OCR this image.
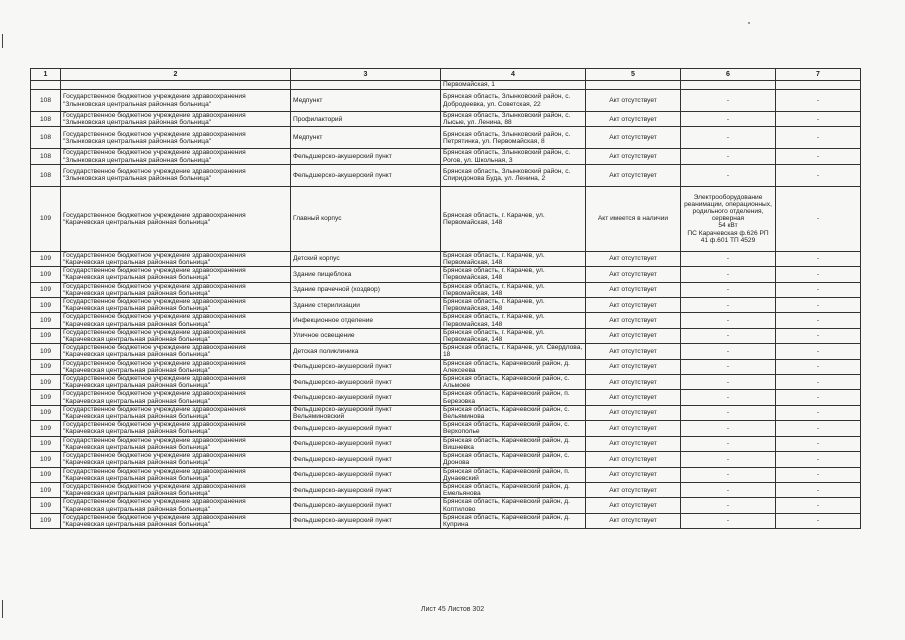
1	2	3	4	5	6	7
			Первомайская, 1			
108	Государственное бюджетное учреждение здравоохранения "Злынковская центральная районная больница"	Медпункт	Брянская область, Злынковский район, с. Добродеевка, ул. Советская, 22	Акт отсутствует	-	-
108	Государственное бюджетное учреждение здравоохранения "Злынковская центральная районная больница"	Профилакторий	Брянская область, Злынковский район, с. Лысые, ул. Ленина, 88	Акт отсутствует	-	-
108	Государственное бюджетное учреждение здравоохранения "Злынковская центральная районная больница"	Медпункт	Брянская область, Злынковский район, с. Петрятинка, ул. Первомайская, 8	Акт отсутствует	-	-
108	Государственное бюджетное учреждение здравоохранения "Злынковская центральная районная больница"	Фельдшерско-акушерский пункт	Брянская область, Злынковский район, с. Рогов, ул. Школьная, 3	Акт отсутствует	-	-
108	Государственное бюджетное учреждение здравоохранения "Злынковская центральная районная больница"	Фельдшерско-акушерский пункт	Брянская область, Злынковский район, с. Спиридонова Буда, ул. Ленина, 2	Акт отсутствует	-	-
109	Государственное бюджетное учреждение здравоохранения "Карачевская центральная районная больница"	Главный корпус	Брянская область, г. Карачев, ул. Первомайская, 148	Акт имеется в наличии	Электрооборудование реанимации, операционных, родильного отделения, серверная
54 кВт
ПС Карачевская ф.626 РП 41 ф.601 ТП 4529	-
109	Государственное бюджетное учреждение здравоохранения "Карачевская центральная районная больница"	Детский корпус	Брянская область, г. Карачев, ул. Первомайская, 148	Акт отсутствует	-	-
109	Государственное бюджетное учреждение здравоохранения "Карачевская центральная районная больница"	Здание пищеблока	Брянская область, г. Карачев, ул. Первомайская, 148	Акт отсутствует	-	-
109	Государственное бюджетное учреждение здравоохранения "Карачевская центральная районная больница"	Здание прачечной (хоздвор)	Брянская область, г. Карачев, ул. Первомайская, 148	Акт отсутствует	-	-
109	Государственное бюджетное учреждение здравоохранения "Карачевская центральная районная больница"	Здание стерилизации	Брянская область, г. Карачев, ул. Первомайская, 148	Акт отсутствует	-	-
109	Государственное бюджетное учреждение здравоохранения "Карачевская центральная районная больница"	Инфекционное отделение	Брянская область, г. Карачев, ул. Первомайская, 148	Акт отсутствует	-	-
109	Государственное бюджетное учреждение здравоохранения "Карачевская центральная районная больница"	Уличное освещение	Брянская область, г. Карачев, ул. Первомайская, 148	Акт отсутствует	-	-
109	Государственное бюджетное учреждение здравоохранения "Карачевская центральная районная больница"	Детская поликлиника	Брянская область, г. Карачев, ул. Свердлова, 18	Акт отсутствует	-	-
109	Государственное бюджетное учреждение здравоохранения "Карачевская центральная районная больница"	Фельдшерско-акушерский пункт	Брянская область, Карачевский район, д. Алексеева	Акт отсутствует	-	-
109	Государственное бюджетное учреждение здравоохранения "Карачевская центральная районная больница"	Фельдшерско-акушерский пункт	Брянская область, Карачевский район, с. Альмоее	Акт отсутствует	-	-
109	Государственное бюджетное учреждение здравоохранения "Карачевская центральная районная больница"	Фельдшерско-акушерский пункт	Брянская область, Карачевский район, п. Березовка	Акт отсутствует	-	-
109	Государственное бюджетное учреждение здравоохранения "Карачевская центральная районная больница"	Фельдшерско-акушерский пункт Вельяминовский	Брянская область, Карачевский район, с. Вельяминова	Акт отсутствует	-	-
109	Государственное бюджетное учреждение здравоохранения "Карачевская центральная районная больница"	Фельдшерско-акушерский пункт	Брянская область, Карачевский район, с. Верхополье	Акт отсутствует	-	-
109	Государственное бюджетное учреждение здравоохранения "Карачевская центральная районная больница"	Фельдшерско-акушерский пункт	Брянская область, Карачевский район, д. Вишневка	Акт отсутствует	-	-
109	Государственное бюджетное учреждение здравоохранения "Карачевская центральная районная больница"	Фельдшерско-акушерский пункт	Брянская область, Карачевский район, с. Дронова	Акт отсутствует	-	-
109	Государственное бюджетное учреждение здравоохранения "Карачевская центральная районная больница"	Фельдшерско-акушерский пункт	Брянская область, Карачевский район, п. Дунаевский	Акт отсутствует	-	-
109	Государственное бюджетное учреждение здравоохранения "Карачевская центральная районная больница"	Фельдшерско-акушерский пункт	Брянская область, Карачевский район, д. Емельянова	Акт отсутствует	-	-
109	Государственное бюджетное учреждение здравоохранения "Карачевская центральная районная больница"	Фельдшерско-акушерский пункт	Брянская область, Карачевский район, д. Коптилово	Акт отсутствует	-	-
109	Государственное бюджетное учреждение здравоохранения "Карачевская центральная районная больница"	Фельдшерско-акушерский пункт	Брянская область, Карачевский район, д. Куприна	Акт отсутствует	-	-
Лист 45 Листов 302
